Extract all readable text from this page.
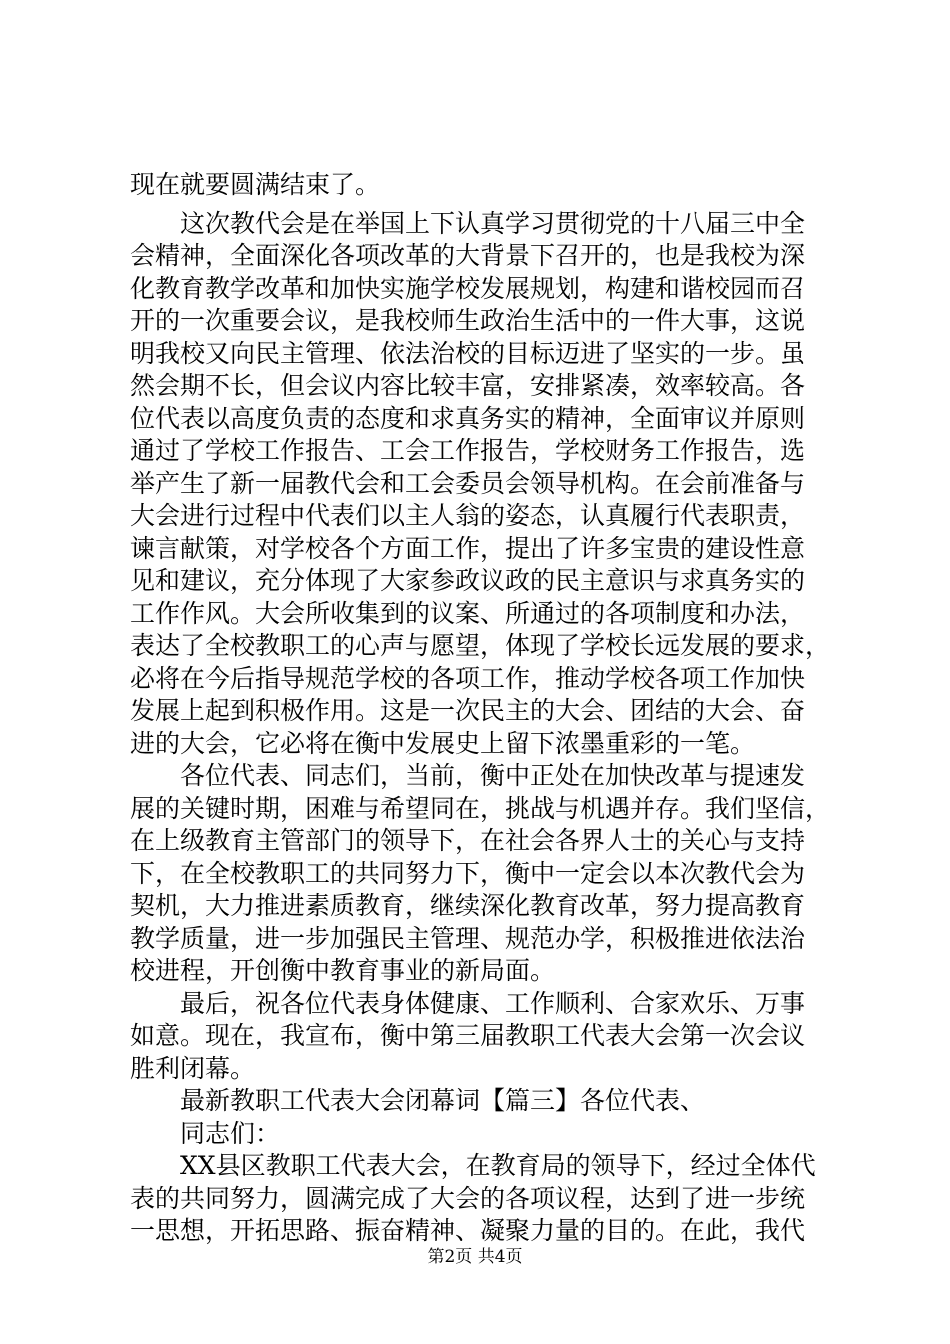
现在就要圆满结束了。
这次教代会是在举国上下认真学习贯彻党的十八届三中全
会精神，全面深化各项改革的大背景下召开的，也是我校为深
化教育教学改革和加快实施学校发展规划，构建和谐校园而召
开的一次重要会议，是我校师生政治生活中的一件大事，这说
明我校又向民主管理、依法治校的目标迈进了坚实的一步。虽
然会期不长，但会议内容比较丰富，安排紧凑，效率较高。各
位代表以高度负责的态度和求真务实的精神，全面审议并原则
通过了学校工作报告、工会工作报告，学校财务工作报告，选
举产生了新一届教代会和工会委员会领导机构。在会前准备与
大会进行过程中代表们以主人翁的姿态，认真履行代表职责，
谏言献策，对学校各个方面工作，提出了许多宝贵的建设性意
见和建议，充分体现了大家参政议政的民主意识与求真务实的
工作作风。大会所收集到的议案、所通过的各项制度和办法，
表达了全校教职工的心声与愿望，体现了学校长远发展的要求，
必将在今后指导规范学校的各项工作，推动学校各项工作加快
发展上起到积极作用。这是一次民主的大会、团结的大会、奋
进的大会，它必将在衡中发展史上留下浓墨重彩的一笔。
各位代表、同志们，当前，衡中正处在加快改革与提速发
展的关键时期，困难与希望同在，挑战与机遇并存。我们坚信，
在上级教育主管部门的领导下，在社会各界人士的关心与支持
下，在全校教职工的共同努力下，衡中一定会以本次教代会为
契机，大力推进素质教育，继续深化教育改革，努力提高教育
教学质量，进一步加强民主管理、规范办学，积极推进依法治
校进程，开创衡中教育事业的新局面。
最后，祝各位代表身体健康、工作顺利、合家欢乐、万事
如意。现在，我宣布，衡中第三届教职工代表大会第一次会议
胜利闭幕。
最新教职工代表大会闭幕词【篇三】各位代表、
同志们：
XX县区教职工代表大会，在教育局的领导下，经过全体代
表的共同努力，圆满完成了大会的各项议程，达到了进一步统
一思想，开拓思路、振奋精神、凝聚力量的目的。在此，我代
第2页 共4页
